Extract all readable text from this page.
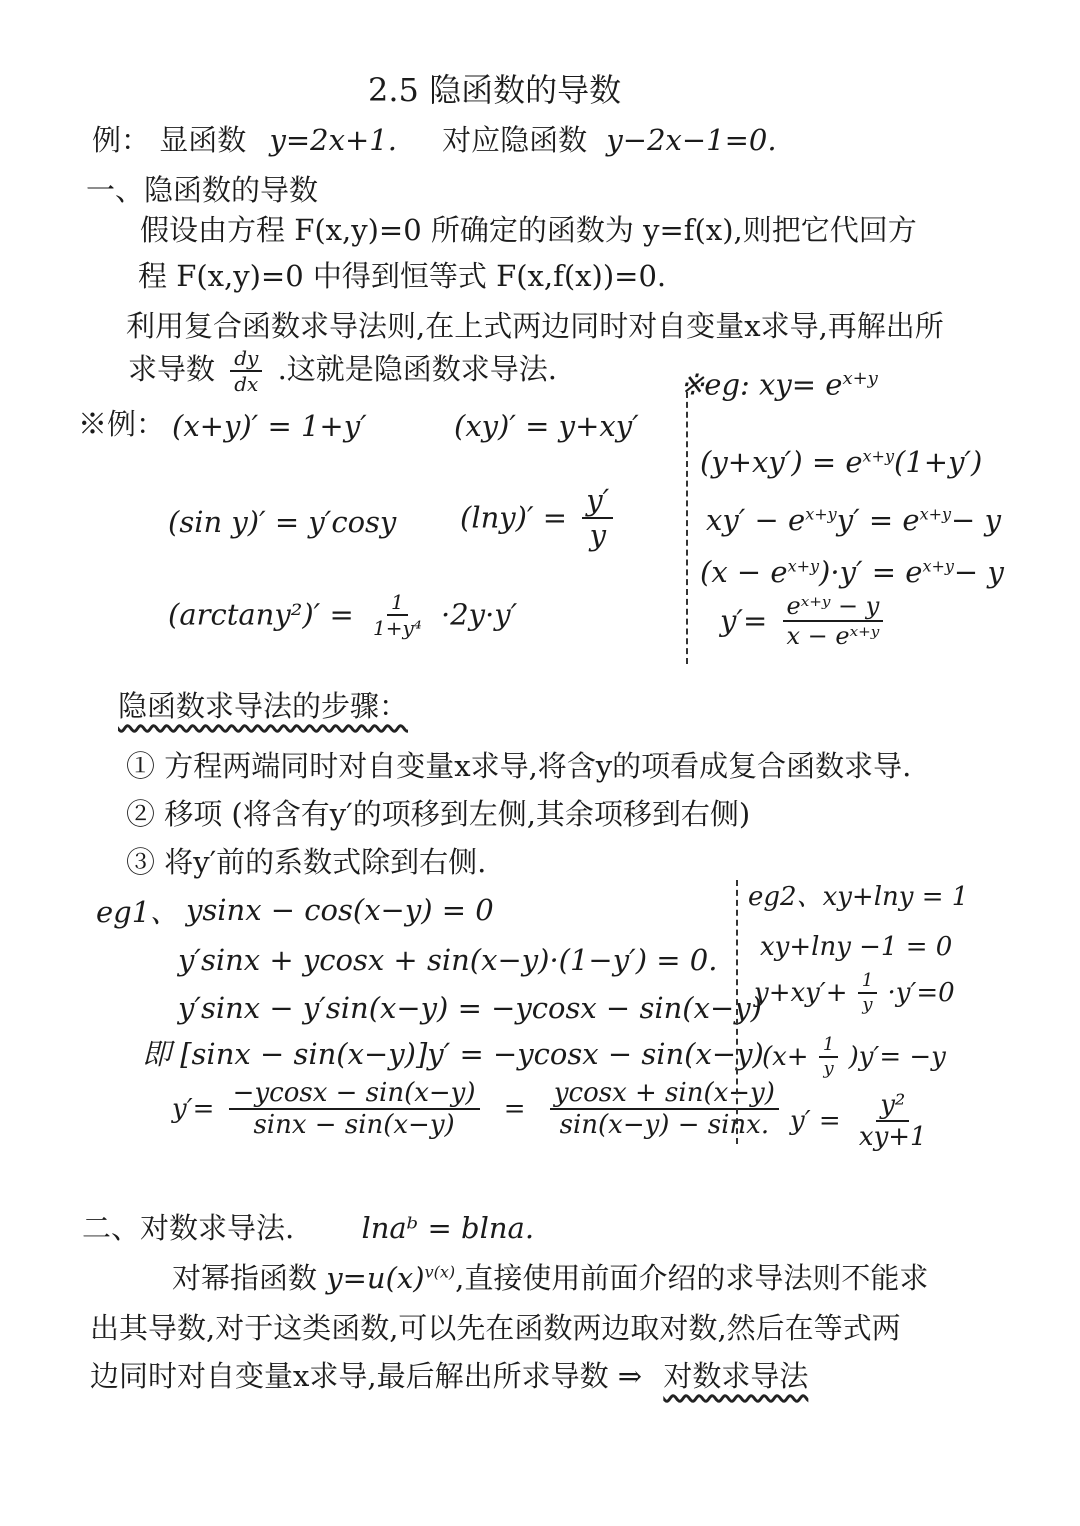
2.5 隐函数的导数
例： 显函数 y=2x+1. 对应隐函数 y−2x−1=0.
一、隐函数的导数
假设由方程 F(x,y)=0 所确定的函数为 y=f(x),则把它代回方
程 F(x,y)=0 中得到恒等式 F(x,f(x))=0.
利用复合函数求导法则,在上式两边同时对自变量x求导,再解出所
求导数 $\frac{dy}{dx}$ .这就是隐函数求导法.
※例： (x+y)′ = 1+y′	(xy)′ = y+xy′
(sin y)′ = y′cosy $(\ln y)' = \frac{y'}{y}$
$(\arctan y^2)' = \frac{1}{\text{1+y⁴}} \cdot 2y\cdot y'$
※eg: $xy= e^{x+y}$
$(y+xy') = e^{x+y}(1+y')$
$xy' - e^{x+y}y' = e^{x+y}- y$
$(x - e^{x+y})\cdot y' = e^{x+y}- y$
$y'= \frac{\text{eˣ⁺ʸ − y}}{\text{x − eˣ⁺ʸ}}$
隐函数求导法的步骤：
① 方程两端同时对自变量x求导,将含y的项看成复合函数求导.
② 移项 (将含有y′的项移到左侧,其余项移到右侧)
③ 将y′前的系数式除到右侧.
eg1、 ysinx − cos(x−y) = 0
y′sinx + ycosx + sin(x−y)·(1−y′) = 0.
y′sinx − y′sin(x−y) = −ycosx − sin(x−y)
即 [sinx − sin(x−y)]y′ = −ycosx − sin(x−y)
$y'= \frac{-ycosx - \sin(x-y)}{\sin x - \sin(x-y)} = \frac{ycosx + \sin(x-y)}{\sin(x-y) - \sin x.}$
eg2、xy+lny = 1
xy+lny −1 = 0
$y+xy'+ \frac{1}{y} \cdot y'=0$
$(x+ \frac{1}{y} )y'= -y$
$y' = \frac{\text{y²}}{xy+1}$
二、对数求导法. lnaᵇ = blna.
对幂指函数 $y=u(x)^{v(x)}$,直接使用前面介绍的求导法则不能求
出其导数,对于这类函数,可以先在函数两边取对数,然后在等式两
边同时对自变量x求导,最后解出所求导数 ⇒ 对数求导法
